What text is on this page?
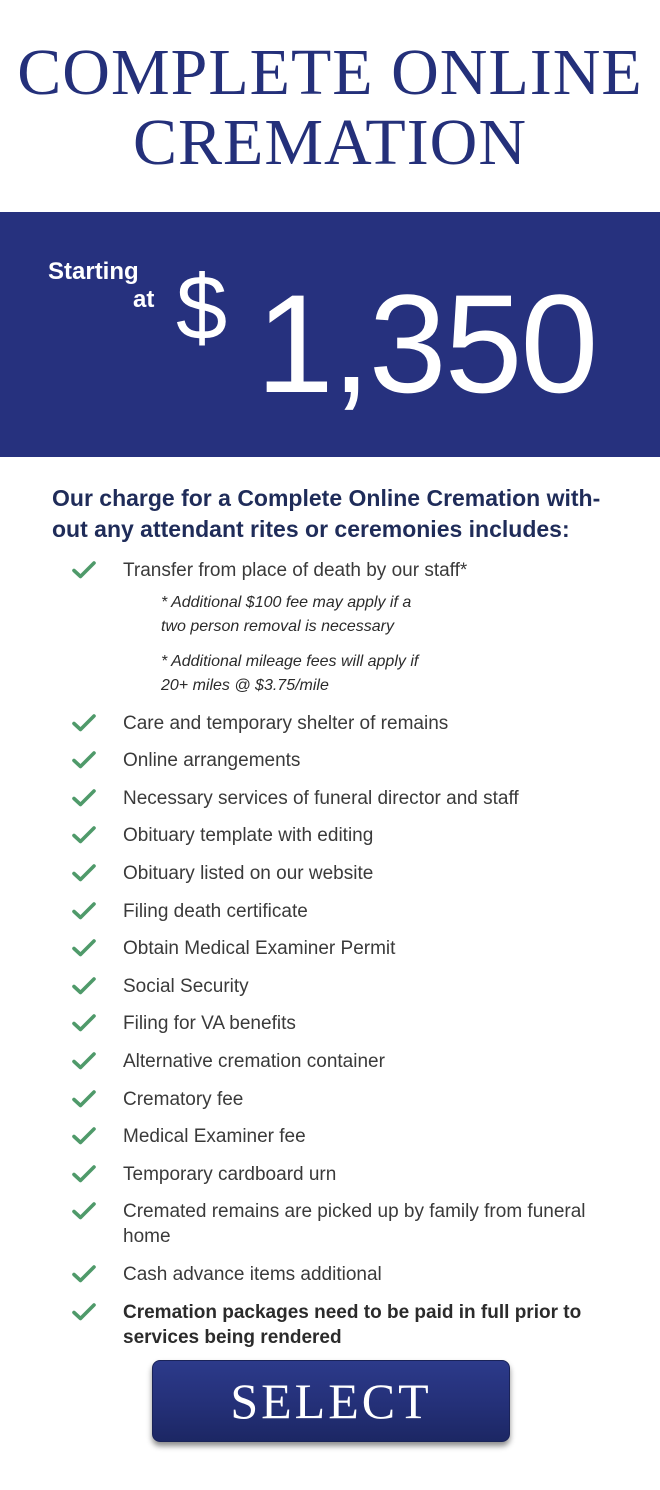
COMPLETE ONLINE
CREMATION
Starting
at $ 1,350
Our charge for a Complete Online Cremation with-out any attendant rites or ceremonies includes:
Transfer from place of death by our staff*
* Additional $100 fee may apply if a
two person removal is necessary
* Additional mileage fees will apply if
20+ miles @ $3.75/mile
Care and temporary shelter of remains
Online arrangements
Necessary services of funeral director and staff
Obituary template with editing
Obituary listed on our website
Filing death certificate
Obtain Medical Examiner Permit
Social Security
Filing for VA benefits
Alternative cremation container
Crematory fee
Medical Examiner fee
Temporary cardboard urn
Cremated remains are picked up by family from funeral home
Cash advance items additional
Cremation packages need to be paid in full prior to services being rendered
SELECT
